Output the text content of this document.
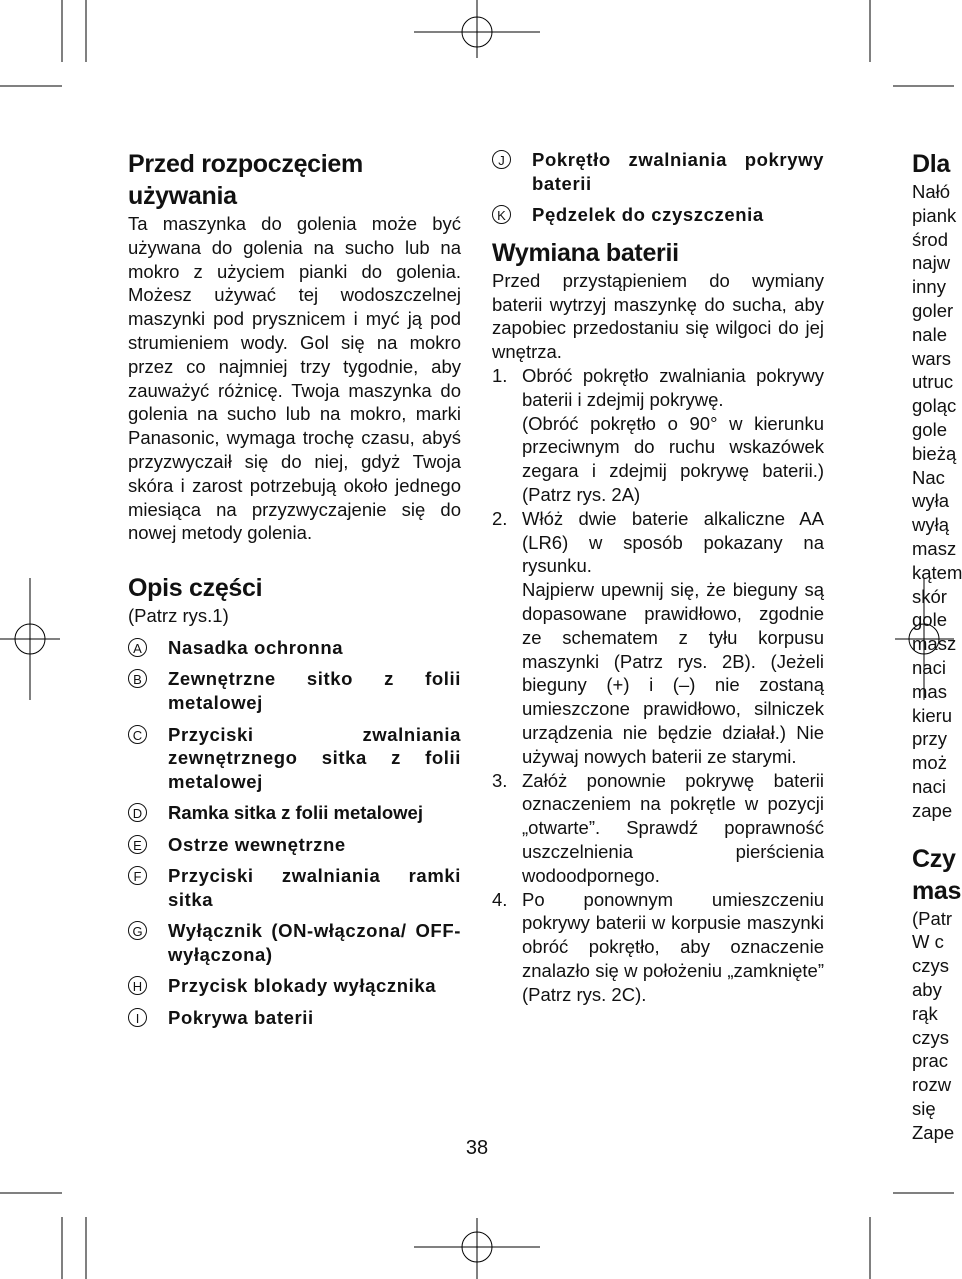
Przed rozpoczęciem używania

Ta maszynka do golenia może być używana do golenia na sucho lub na mokro z użyciem pianki do golenia. Możesz używać tej wodoszczelnej maszynki pod prysznicem i myć ją pod strumieniem wody. Gol się na mokro przez co najmniej trzy tygodnie, aby zauważyć różnicę. Twoja maszynka do golenia na sucho lub na mokro, marki Panasonic, wymaga trochę czasu, abyś przyzwyczaił się do niej, gdyż Twoja skóra i zarost potrzebują około jednego miesiąca na przyzwyczajenie się do nowej metody golenia.

Opis części
(Patrz rys.1)
A Nasadka ochronna
B Zewnętrzne sitko z folii metalowej
C Przyciski zwalniania zewnętrznego sitka z folii metalowej
D Ramka sitka z folii metalowej
E Ostrze wewnętrzne
F Przyciski zwalniania ramki sitka
G Wyłącznik (ON-włączona/ OFF-wyłączona)
H Przycisk blokady wyłącznika
I	Pokrywa baterii
J	Pokrętło zwalniania pokrywy baterii
K Pędzelek do czyszczenia
Wymiana baterii

Przed przystąpieniem do wymiany baterii wytrzyj maszynkę do sucha, aby zapobiec przedostaniu się wilgoci do jej wnętrza.

1. Obróć pokrętło zwalniania pokrywy baterii i zdejmij pokrywę.
(Obróć pokrętło o 90° w kierunku przeciwnym do ruchu wskazówek zegara i zdejmij pokrywę baterii.) (Patrz rys. 2A)
2. Włóż dwie baterie alkaliczne AA (LR6) w sposób pokazany na rysunku.
Najpierw upewnij się, że bieguny są dopasowane prawidłowo, zgodnie ze schematem z tyłu korpusu maszynki (Patrz rys. 2B). (Jeżeli bieguny (+) i (–) nie zostaną umieszczone prawidłowo, silniczek urządzenia nie będzie działał.) Nie używaj nowych baterii ze starymi.
3. Załóż ponownie pokrywę baterii oznaczeniem na pokrętle w pozycji „otwarte”. Sprawdź poprawność uszczelnienia pierścienia wodoodpornego.
4. Po ponownym umieszczeniu pokrywy baterii w korpusie maszynki obróć pokrętło, aby oznaczenie znalazło się w położeniu „zamknięte” (Patrz rys. 2C).
Dla

Nałó

piank

środ

najw

inny

goler

nale

wars

utruc

goląc

gole

bieżą

Nac

wyła

wyłą

masz

kątem

skór

gole

masz

naci

mas

kieru

przy

moż

naci

zape

Czy
mas

(Patr

W c

czys

aby

rąk

czys

prac

rozw

się

Zape

38
